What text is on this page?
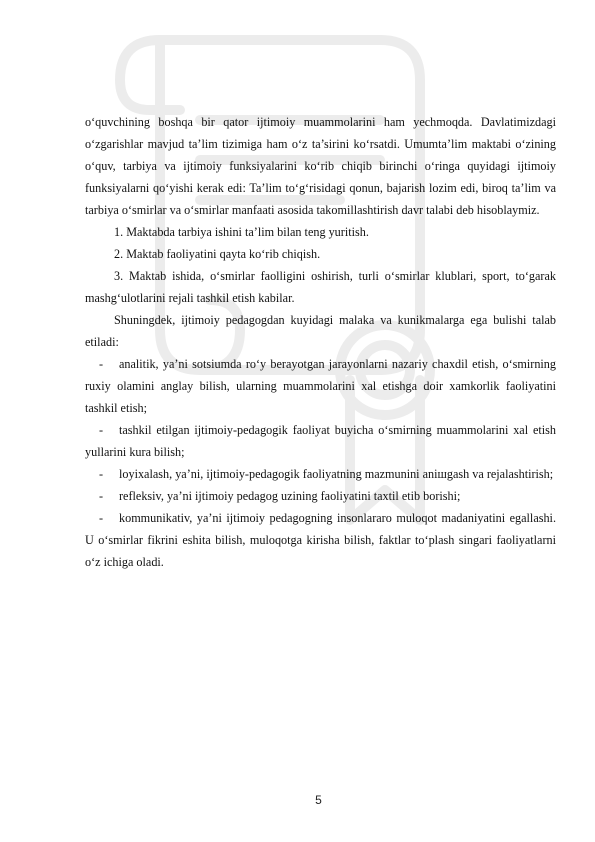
o‘quvchining boshqa bir qator ijtimoiy muammolarini ham yechmoqda. Davlatimizdagi o‘zgarishlar mavjud ta’lim tizimiga ham o‘z ta’sirini ko‘rsatdi. Umumta’lim maktabi o‘zining o‘quv, tarbiya va ijtimoiy funksiyalarini ko‘rib chiqib birinchi o‘ringa quyidagi ijtimoiy funksiyalarni qo‘yishi kerak edi: Ta’lim to‘g‘risidagi qonun, bajarish lozim edi, biroq ta’lim va tarbiya o‘smirlar va o‘smirlar manfaati asosida takomillashtirish davr talabi deb hisoblaymiz.

1. Maktabda tarbiya ishini ta’lim bilan teng yuritish.

2. Maktab faoliyatini qayta ko‘rib chiqish.

3. Maktab ishida, o‘smirlar faolligini oshirish, turli o‘smirlar klublari, sport, to‘garak mashg‘ulotlarini rejali tashkil etish kabilar.

Shuningdek, ijtimoiy pedagogdan kuyidagi malaka va kunikmalarga ega bulishi talab etiladi:

-	analitik, ya’ni sotsiumda ro‘y berayotgan jarayonlarni nazariy chaxdil etish, o‘smirning ruxiy olamini anglay bilish, ularning muammolarini xal etishga doir xamkorlik faoliyatini tashkil etish;

-	tashkil etilgan ijtimoiy-pedagogik faoliyat buyicha o‘smirning muammolarini xal etish yullarini kura bilish;

-	loyixalash, ya’ni, ijtimoiy-pedagogik faoliyatning mazmunini aniшgash va rejalashtirish;

-	refleksiv, ya’ni ijtimoiy pedagog uzining faoliyatini taxtil etib borishi;

-	kommunikativ, ya’ni ijtimoiy pedagogning insonlararo muloqot madaniyatini egallashi. U o‘smirlar fikrini eshita bilish, muloqotga kirisha bilish, faktlar to‘plash singari faoliyatlarni o‘z ichiga oladi.

5
